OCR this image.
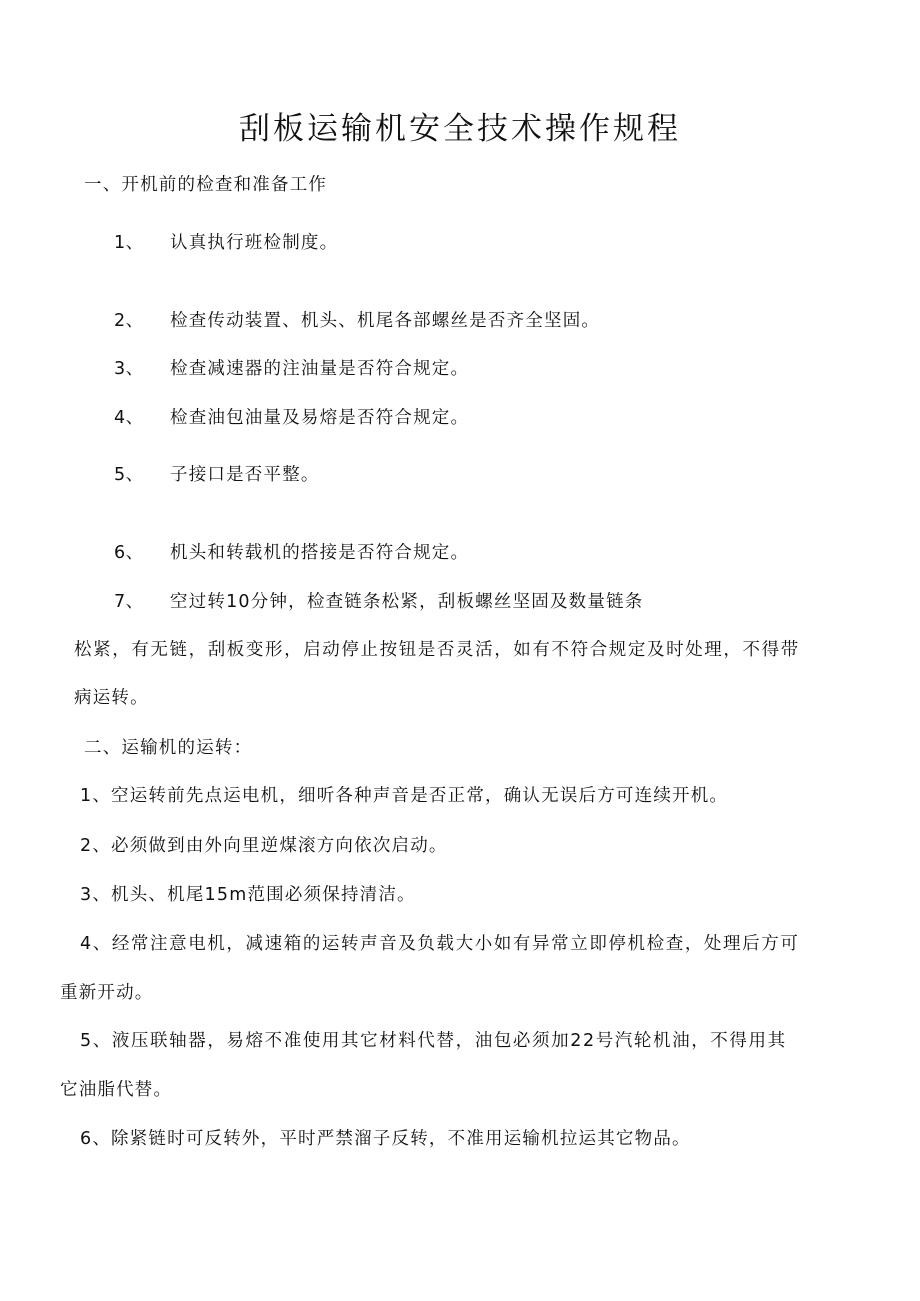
刮板运输机安全技术操作规程
一、开机前的检查和准备工作
1、 认真执行班检制度。
2、 检查传动装置、机头、机尾各部螺丝是否齐全坚固。
3、 检查减速器的注油量是否符合规定。
4、 检查油包油量及易熔是否符合规定。
5、 子接口是否平整。
6、 机头和转载机的搭接是否符合规定。
7、 空过转10分钟，检查链条松紧，刮板螺丝坚固及数量链条
松紧，有无链，刮板变形，启动停止按钮是否灵活，如有不符合规定及时处理，不得带
病运转。
二、运输机的运转：
1、空运转前先点运电机，细听各种声音是否正常，确认无误后方可连续开机。
2、必须做到由外向里逆煤滚方向依次启动。
3、机头、机尾15m范围必须保持清洁。
4、经常注意电机，减速箱的运转声音及负载大小如有异常立即停机检查，处理后方可
重新开动。
5、液压联轴器，易熔不准使用其它材料代替，油包必须加22号汽轮机油，不得用其
它油脂代替。
6、除紧链时可反转外，平时严禁溜子反转，不准用运输机拉运其它物品。
